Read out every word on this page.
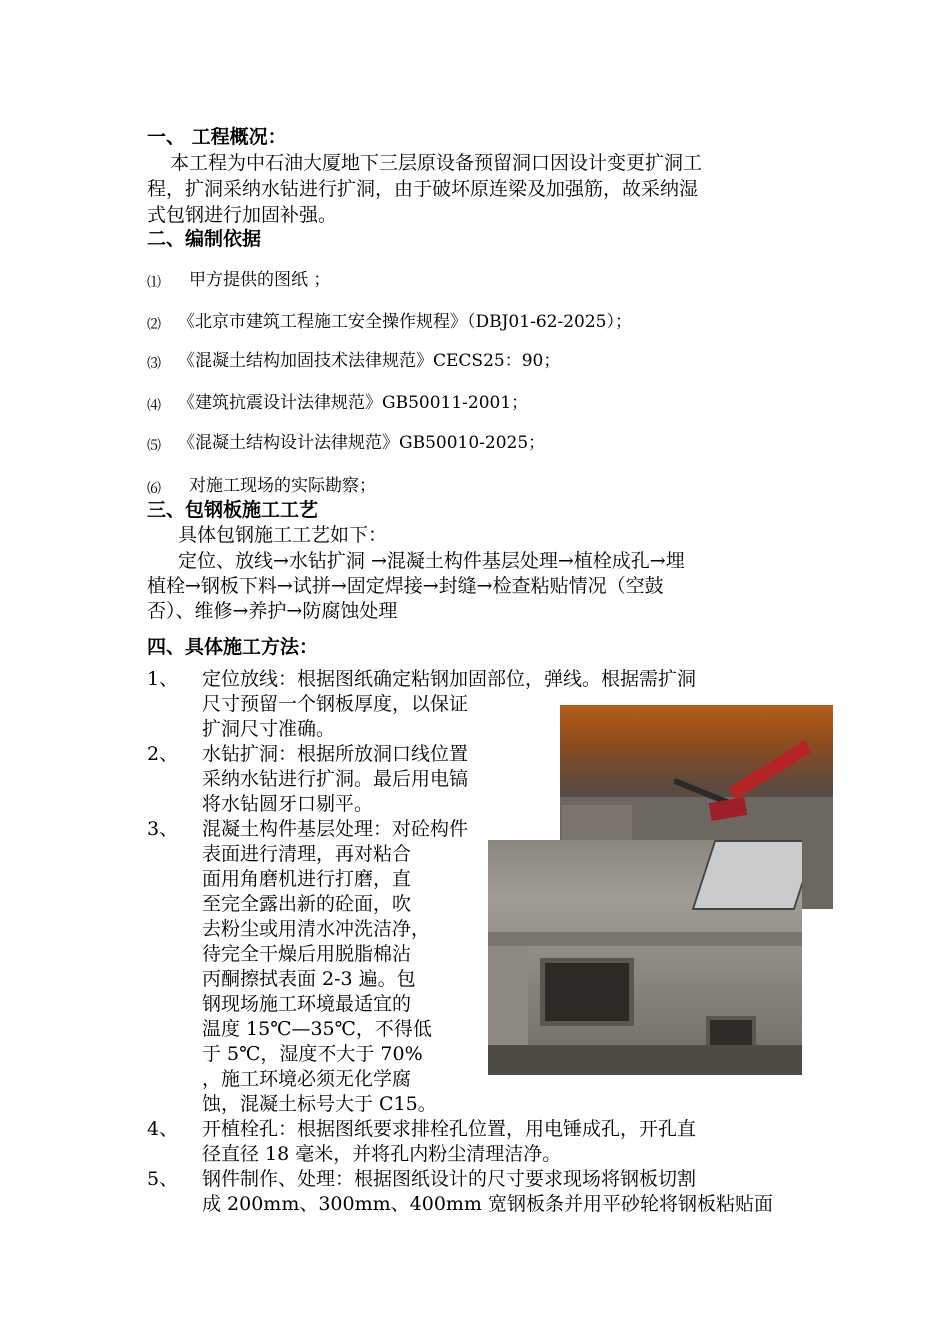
一、 工程概况：
本工程为中石油大厦地下三层原设备预留洞口因设计变更扩洞工
程，扩洞采纳水钻进行扩洞，由于破坏原连梁及加强筋，故采纳湿
式包钢进行加固补强。
二、编制依据
⑴ 甲方提供的图纸 ；
⑵ 《北京市建筑工程施工安全操作规程》（DBJ01-62-2025）；
⑶ 《混凝土结构加固技术法律规范》CECS25：90；
⑷ 《建筑抗震设计法律规范》GB50011-2001；
⑸ 《混凝土结构设计法律规范》GB50010-2025；
⑹ 对施工现场的实际勘察；
三、包钢板施工工艺
具体包钢施工工艺如下：
定位、放线→水钻扩洞 →混凝土构件基层处理→植栓成孔→埋
植栓→钢板下料→试拼→固定焊接→封缝→检查粘贴情况（空鼓
否）、维修→养护→防腐蚀处理
四、具体施工方法：
1、 定位放线：根据图纸确定粘钢加固部位，弹线。根据需扩洞
尺寸预留一个钢板厚度，以保证
扩洞尺寸准确。
2、 水钻扩洞：根据所放洞口线位置
采纳水钻进行扩洞。最后用电镐
将水钻圆牙口剔平。
3、 混凝土构件基层处理：对砼构件
表面进行清理，再对粘合
面用角磨机进行打磨，直
至完全露出新的砼面，吹
去粉尘或用清水冲洗洁净，
待完全干燥后用脱脂棉沾
丙酮擦拭表面 2-3 遍。包
钢现场施工环境最适宜的
温度 15℃—35℃，不得低
于 5℃，湿度不大于 70%
，施工环境必须无化学腐
蚀，混凝土标号大于 C15。
4、 开植栓孔：根据图纸要求排栓孔位置，用电锤成孔，开孔直
径直径 18 毫米，并将孔内粉尘清理洁净。
5、 钢件制作、处理：根据图纸设计的尺寸要求现场将钢板切割
成 200mm、300mm、400mm 宽钢板条并用平砂轮将钢板粘贴面
